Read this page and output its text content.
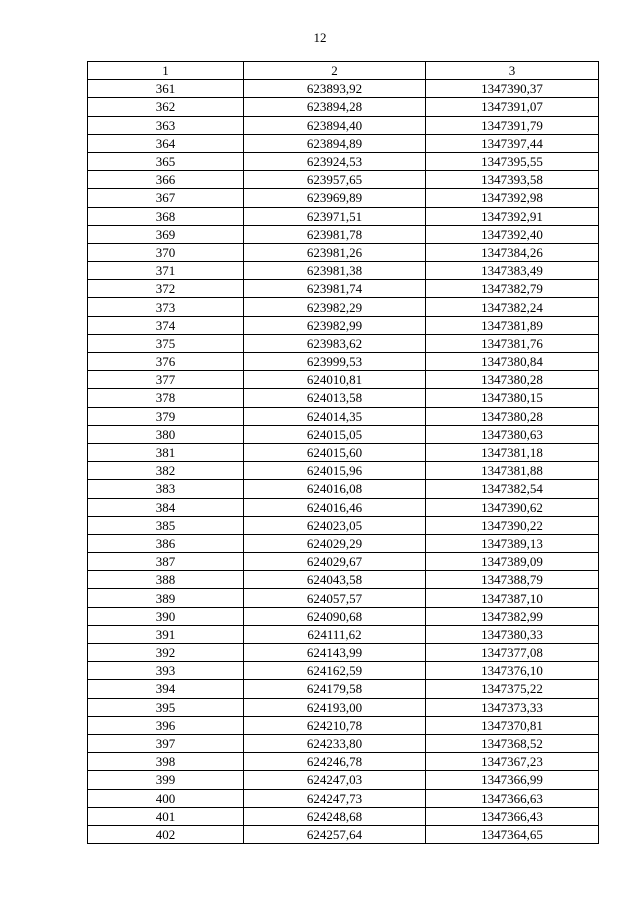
12
1	2	3
361	623893,92	1347390,37
362	623894,28	1347391,07
363	623894,40	1347391,79
364	623894,89	1347397,44
365	623924,53	1347395,55
366	623957,65	1347393,58
367	623969,89	1347392,98
368	623971,51	1347392,91
369	623981,78	1347392,40
370	623981,26	1347384,26
371	623981,38	1347383,49
372	623981,74	1347382,79
373	623982,29	1347382,24
374	623982,99	1347381,89
375	623983,62	1347381,76
376	623999,53	1347380,84
377	624010,81	1347380,28
378	624013,58	1347380,15
379	624014,35	1347380,28
380	624015,05	1347380,63
381	624015,60	1347381,18
382	624015,96	1347381,88
383	624016,08	1347382,54
384	624016,46	1347390,62
385	624023,05	1347390,22
386	624029,29	1347389,13
387	624029,67	1347389,09
388	624043,58	1347388,79
389	624057,57	1347387,10
390	624090,68	1347382,99
391	624111,62	1347380,33
392	624143,99	1347377,08
393	624162,59	1347376,10
394	624179,58	1347375,22
395	624193,00	1347373,33
396	624210,78	1347370,81
397	624233,80	1347368,52
398	624246,78	1347367,23
399	624247,03	1347366,99
400	624247,73	1347366,63
401	624248,68	1347366,43
402	624257,64	1347364,65
